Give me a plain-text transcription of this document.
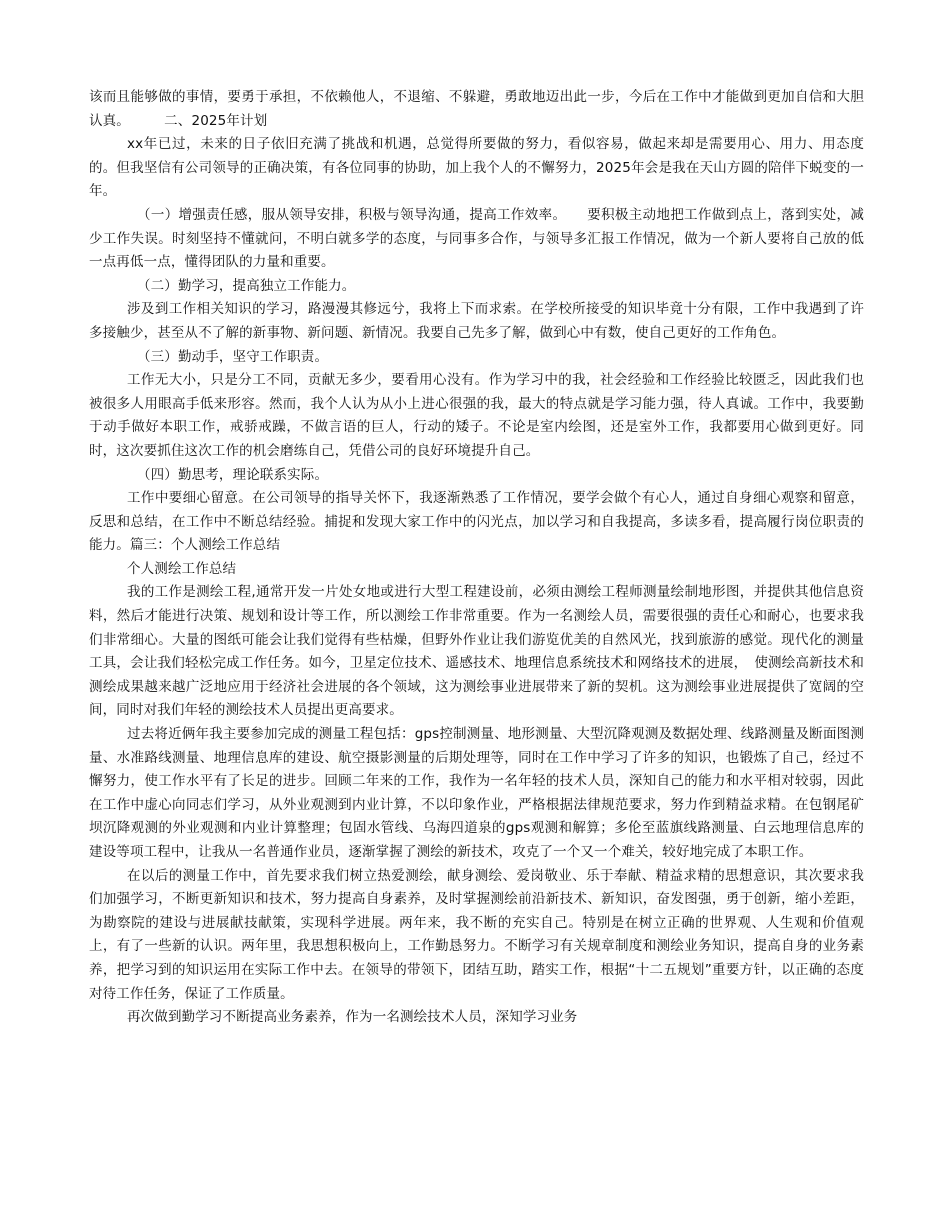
该而且能够做的事情，要勇于承担，不依赖他人，不退缩、不躲避，勇敢地迈出此一步，今后在工作中才能做到更加自信和大胆认真。　　　二、2025年计划

xx年已过，未来的日子依旧充满了挑战和机遇，总觉得所要做的努力，看似容易，做起来却是需要用心、用力、用态度的。但我坚信有公司领导的正确决策，有各位同事的协助，加上我个人的不懈努力，2025年会是我在天山方圆的陪伴下蜕变的一年。

（一）增强责任感，服从领导安排，积极与领导沟通，提高工作效率。　　要积极主动地把工作做到点上，落到实处，减少工作失误。时刻坚持不懂就问，不明白就多学的态度，与同事多合作，与领导多汇报工作情况，做为一个新人要将自己放的低一点再低一点，懂得团队的力量和重要。

（二）勤学习，提高独立工作能力。

涉及到工作相关知识的学习，路漫漫其修远兮，我将上下而求索。在学校所接受的知识毕竟十分有限，工作中我遇到了许多接触少，甚至从不了解的新事物、新问题、新情况。我要自己先多了解，做到心中有数，使自己更好的工作角色。

（三）勤动手，坚守工作职责。

工作无大小，只是分工不同，贡献无多少，要看用心没有。作为学习中的我，社会经验和工作经验比较匮乏，因此我们也被很多人用眼高手低来形容。然而，我个人认为从小上进心很强的我，最大的特点就是学习能力强，待人真诚。工作中，我要勤于动手做好本职工作，戒骄戒躁，不做言语的巨人，行动的矮子。不论是室内绘图，还是室外工作，我都要用心做到更好。同时，这次要抓住这次工作的机会磨练自己，凭借公司的良好环境提升自己。

（四）勤思考，理论联系实际。

工作中要细心留意。在公司领导的指导关怀下，我逐渐熟悉了工作情况，要学会做个有心人，通过自身细心观察和留意，反思和总结，在工作中不断总结经验。捕捉和发现大家工作中的闪光点，加以学习和自我提高，多读多看，提高履行岗位职责的能力。篇三：个人测绘工作总结

个人测绘工作总结

我的工作是测绘工程,通常开发一片处女地或进行大型工程建设前，必须由测绘工程师测量绘制地形图，并提供其他信息资料，然后才能进行决策、规划和设计等工作，所以测绘工作非常重要。作为一名测绘人员，需要很强的责任心和耐心，也要求我们非常细心。大量的图纸可能会让我们觉得有些枯燥，但野外作业让我们游览优美的自然风光，找到旅游的感觉。现代化的测量工具，会让我们轻松完成工作任务。如今，卫星定位技术、遥感技术、地理信息系统技术和网络技术的进展，　使测绘高新技术和测绘成果越来越广泛地应用于经济社会进展的各个领域，这为测绘事业进展带来了新的契机。这为测绘事业进展提供了宽阔的空间，同时对我们年轻的测绘技术人员提出更高要求。

过去将近俩年我主要参加完成的测量工程包括：gps控制测量、地形测量、大型沉降观测及数据处理、线路测量及断面图测量、水准路线测量、地理信息库的建设、航空摄影测量的后期处理等，同时在工作中学习了许多的知识，也锻炼了自己，经过不懈努力，使工作水平有了长足的进步。回顾二年来的工作，我作为一名年轻的技术人员，深知自己的能力和水平相对较弱，因此在工作中虚心向同志们学习，从外业观测到内业计算，不以印象作业，严格根据法律规范要求，努力作到精益求精。在包钢尾矿坝沉降观测的外业观测和内业计算整理；包固水管线、乌海四道泉的gps观测和解算；多伦至蓝旗线路测量、白云地理信息库的建设等项工程中，让我从一名普通作业员，逐渐掌握了测绘的新技术，攻克了一个又一个难关，较好地完成了本职工作。

在以后的测量工作中，首先要求我们树立热爱测绘，献身测绘、爱岗敬业、乐于奉献、精益求精的思想意识，其次要求我们加强学习，不断更新知识和技术，努力提高自身素养，及时掌握测绘前沿新技术、新知识，奋发图强，勇于创新，缩小差距，为勘察院的建设与进展献技献策，实现科学进展。两年来，我不断的充实自己。特别是在树立正确的世界观、人生观和价值观上，有了一些新的认识。两年里，我思想积极向上，工作勤恳努力。不断学习有关规章制度和测绘业务知识，提高自身的业务素养，把学习到的知识运用在实际工作中去。在领导的带领下，团结互助，踏实工作，根据“十二五规划”重要方针，以正确的态度对待工作任务，保证了工作质量。

再次做到勤学习不断提高业务素养，作为一名测绘技术人员，深知学习业务
